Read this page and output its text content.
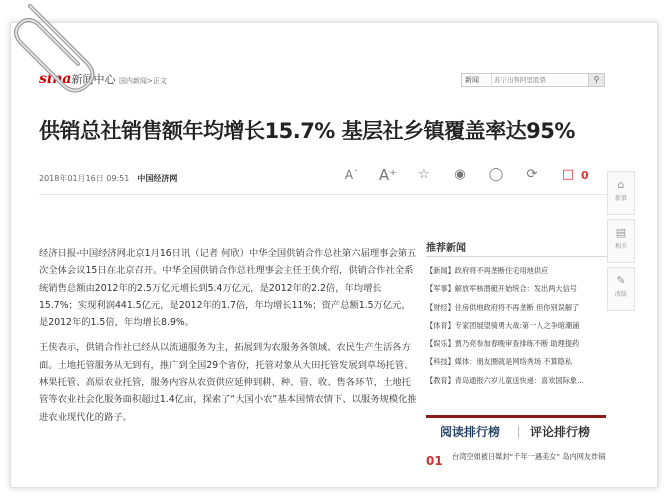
sina新闻中心 国内新闻>正文	新闻
苏宁出售阿里股票	⚲
供销总社销售额年均增长15.7% 基层社乡镇覆盖率达95%
2018年01月16日 09:51 中国经济网	A˙ A⁺	☆	◉	◯	⟳	□ 0

经济日报-中国经济网北京1月16日讯（记者 何欣）中华全国供销合作总社第六届理事会第五次全体会议15日在北京召开。中华全国供销合作总社理事会主任王侠介绍，供销合作社全系统销售总额由2012年的2.5万亿元增长到5.4万亿元，是2012年的2.2倍，年均增长15.7%；实现利润441.5亿元，是2012年的1.7倍，年均增长11%；资产总额1.5万亿元，是2012年的1.5倍，年均增长8.9%。

王侠表示，供销合作社已经从以流通服务为主，拓展到为农服务各领域、农民生产生活各方面。土地托管服务从无到有，推广到全国29个省份，托管对象从大田托管发展到草场托管、林果托管、高原农业托管，服务内容从农资供应延伸到耕、种、管、收、售各环节，土地托管等农业社会化服务面积超过1.4亿亩，探索了“大国小农”基本国情农情下、以服务规模化推进农业现代化的路子。

推荐新闻
【新闻】政府将不再垄断住宅用地供应
【军事】解放军核潜艇开始统合：发出两大信号
【财经】住房供地政府将不再垄断 但你别误解了
【体育】专家团展望骑勇大战:第一人之争暗潮涌
【娱乐】贾乃亮参加春晚审查排练不断 助理提药
【科技】媒体：朋友圈就是网络秀场 不算隐私
【教育】青岛通报六岁儿童送快递：喜欢国际象...
阅读排行榜 评论排行榜
01 台湾空姐被日媒封“千年一遇美女” 岛内网友炸锅
⌂
新浪
▤
相关
✎
改版
